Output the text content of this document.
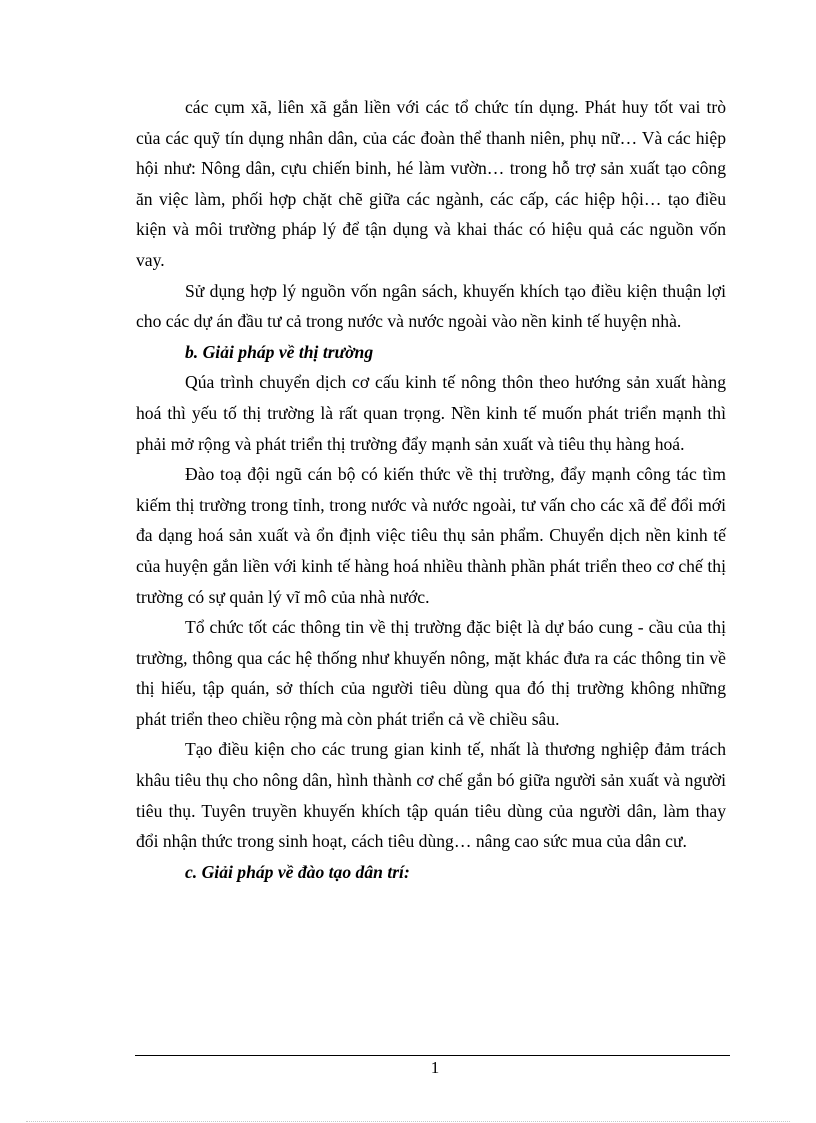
các cụm xã, liên xã gắn liền với các tổ chức tín dụng. Phát huy tốt vai trò của các quỹ tín dụng nhân dân, của các đoàn thể thanh niên, phụ nữ… Và các hiệp hội như: Nông dân, cựu chiến binh, hé làm vườn… trong hỗ trợ sản xuất tạo công ăn việc làm, phối hợp chặt chẽ giữa các ngành, các cấp, các hiệp hội… tạo điều kiện và môi trường pháp lý để tận dụng và khai thác có hiệu quả các nguồn vốn vay.

Sử dụng hợp lý nguồn vốn ngân sách, khuyến khích tạo điều kiện thuận lợi cho các dự án đầu tư cả trong nước và nước ngoài vào nền kinh tế huyện nhà.

b. Giải pháp về thị trường

Qúa trình chuyển dịch cơ cấu kinh tế nông thôn theo hướng sản xuất hàng hoá thì yếu tố thị trường là rất quan trọng. Nền kinh tế muốn phát triển mạnh thì phải mở rộng và phát triển thị trường đẩy mạnh sản xuất và tiêu thụ hàng hoá.

Đào toạ đội ngũ cán bộ có kiến thức về thị trường, đẩy mạnh công tác tìm kiếm thị trường trong tỉnh, trong nước và nước ngoài, tư vấn cho các xã để đổi mới đa dạng hoá sản xuất và ổn định việc tiêu thụ sản phẩm. Chuyển dịch nền kinh tế của huyện gắn liền với kinh tế hàng hoá nhiều thành phần phát triển theo cơ chế thị trường có sự quản lý vĩ mô của nhà nước.

Tổ chức tốt các thông tin về thị trường đặc biệt là dự báo cung - cầu của thị trường, thông qua các hệ thống như khuyến nông, mặt khác đưa ra các thông tin về thị hiếu, tập quán, sở thích của người tiêu dùng qua đó thị trường không những phát triển theo chiều rộng mà còn phát triển cả về chiều sâu.

Tạo điều kiện cho các trung gian kinh tế, nhất là thương nghiệp đảm trách khâu tiêu thụ cho nông dân, hình thành cơ chế gắn bó giữa người sản xuất và người tiêu thụ. Tuyên truyền khuyến khích tập quán tiêu dùng của người dân, làm thay đổi nhận thức trong sinh hoạt, cách tiêu dùng… nâng cao sức mua của dân cư.

c. Giải pháp về đào tạo dân trí:

1
